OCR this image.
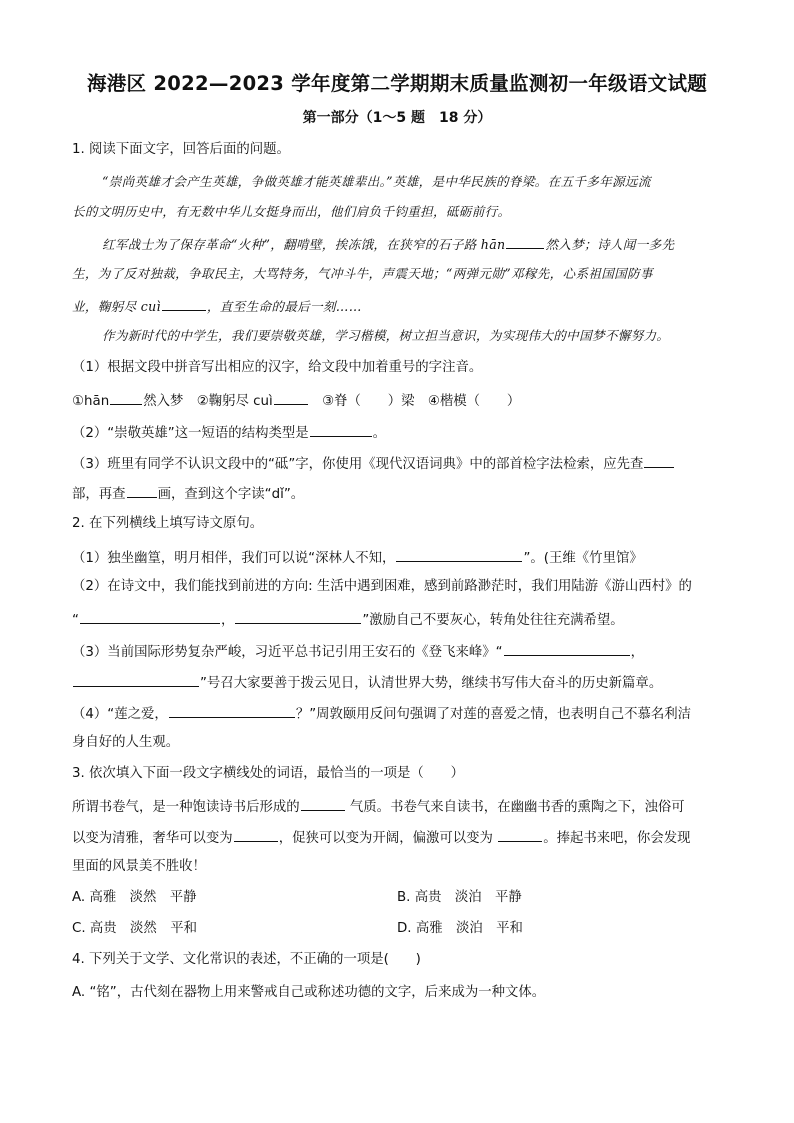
海港区 2022—2023 学年度第二学期期末质量监测初一年级语文试题
第一部分（1～5 题　18 分）
1. 阅读下面文字，回答后面的问题。
“崇尚英雄才会产生英雄，争做英雄才能英雄辈出。”英雄，是中华民族的脊梁。在五千多年源远流
长的文明历史中，有无数中华儿女挺身而出，他们肩负千钧重担，砥砺前行。
红军战士为了保存革命“火种”，翻啃壁，挨冻饿，在狭窄的石子路 hān	然入梦；诗人闻一多先
生，为了反对独裁，争取民主，大骂特务，气冲斗牛，声震天地；“两弹元勋”邓稼先，心系祖国国防事
业，鞠躬尽 cuì	，直至生命的最后一刻……
作为新时代的中学生，我们要崇敬英雄，学习楷模，树立担当意识，为实现伟大的中国梦不懈努力。
（1）根据文段中拼音写出相应的汉字，给文段中加着重号的字注音。
①hān	然入梦　②鞠躬尽 cuì	　③脊（　　）梁　④楷模（　　）
（2）“崇敬英雄”这一短语的结构类型是	。
（3）班里有同学不认识文段中的“砥”字，你使用《现代汉语词典》中的部首检字法检索，应先查
部，再查 画，查到这个字读“dǐ”。
2. 在下列横线上填写诗文原句。
（1）独坐幽篁，明月相伴，我们可以说“深林人不知，	”。(王维《竹里馆》
（2）在诗文中，我们能找到前进的方向: 生活中遇到困难，感到前路渺茫时，我们用陆游《游山西村》的
“	，	”激励自己不要灰心，转角处往往充满希望。
（3）当前国际形势复杂严峻，习近平总书记引用王安石的《登飞来峰》“	，
”号召大家要善于拨云见日，认清世界大势，继续书写伟大奋斗的历史新篇章。
（4）“莲之爱，	？”周敦颐用反问句强调了对莲的喜爱之情，也表明自己不慕名利洁
身自好的人生观。
3. 依次填入下面一段文字横线处的词语，最恰当的一项是（　　）
所谓书卷气，是一种饱读诗书后形成的	气质。书卷气来自读书，在幽幽书香的熏陶之下，浊俗可
以变为清雅，奢华可以变为	，促狭可以变为开阔，偏激可以变为	。捧起书来吧，你会发现
里面的风景美不胜收！
A. 高雅　淡然　平静	B. 高贵　淡泊　平静
C. 高贵　淡然　平和	D. 高雅　淡泊　平和
4. 下列关于文学、文化常识的表述，不正确的一项是(　　)
A. “铭”，古代刻在器物上用来警戒自己或称述功德的文字，后来成为一种文体。
